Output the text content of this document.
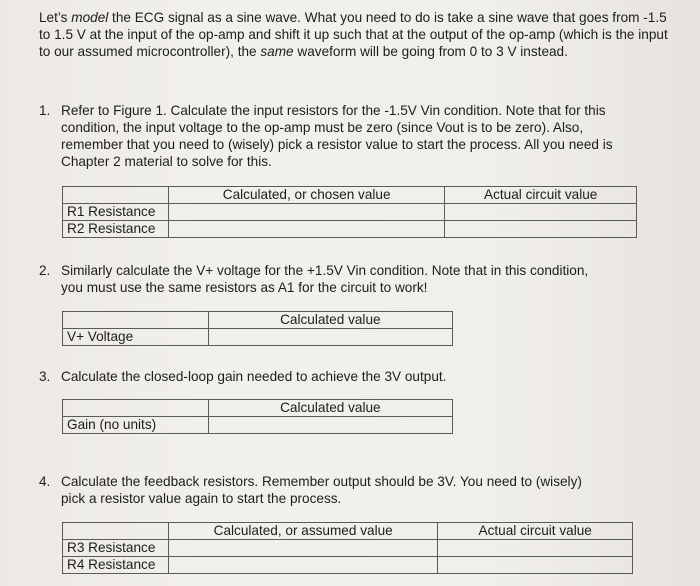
Let’s model the ECG signal as a sine wave. What you need to do is take a sine wave that goes from -1.5 to 1.5 V at the input of the op-amp and shift it up such that at the output of the op-amp (which is the input to our assumed microcontroller), the same waveform will be going from 0 to 3 V instead.
1. Refer to Figure 1. Calculate the input resistors for the -1.5V Vin condition. Note that for this condition, the input voltage to the op-amp must be zero (since Vout is to be zero). Also, remember that you need to (wisely) pick a resistor value to start the process. All you need is Chapter 2 material to solve for this.
	Calculated, or chosen value	Actual circuit value
R1 Resistance		
R2 Resistance		
2. Similarly calculate the V+ voltage for the +1.5V Vin condition. Note that in this condition, you must use the same resistors as A1 for the circuit to work!
	Calculated value
V+ Voltage	
3. Calculate the closed-loop gain needed to achieve the 3V output.
	Calculated value
Gain (no units)	
4. Calculate the feedback resistors. Remember output should be 3V. You need to (wisely) pick a resistor value again to start the process.
	Calculated, or assumed value	Actual circuit value
R3 Resistance		
R4 Resistance		
